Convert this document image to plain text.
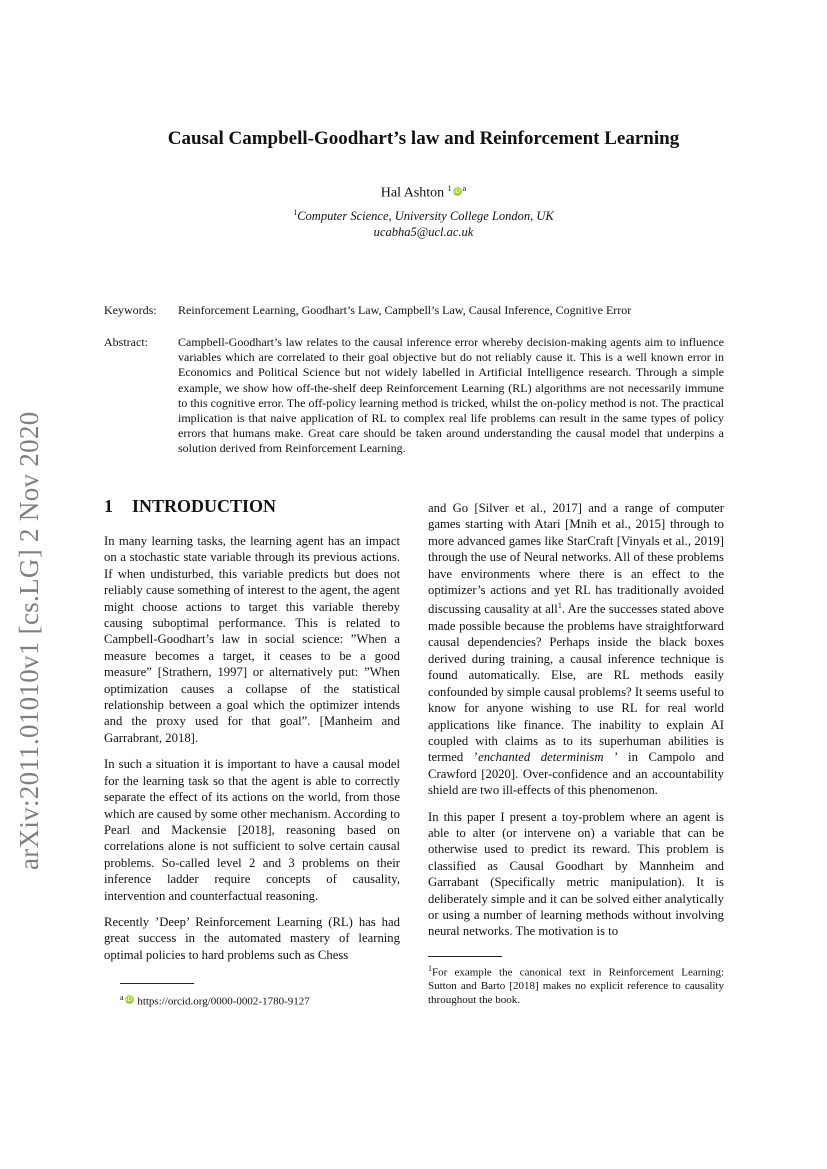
arXiv:2011.01010v1 [cs.LG] 2 Nov 2020
Causal Campbell-Goodhart’s law and Reinforcement Learning
Hal Ashton $^1$ iD $^a$
$^1$Computer Science, University College London, UK
ucabha5@ucl.ac.uk
Keywords: Reinforcement Learning, Goodhart’s Law, Campbell’s Law, Causal Inference, Cognitive Error
Abstract:	Campbell-Goodhart’s law relates to the causal inference error whereby decision-making agents aim to influence variables which are correlated to their goal objective but do not reliably cause it. This is a well known error in Economics and Political Science but not widely labelled in Artificial Intelligence research. Through a simple example, we show how off-the-shelf deep Reinforcement Learning (RL) algorithms are not necessarily immune to this cognitive error. The off-policy learning method is tricked, whilst the on-policy method is not. The practical implication is that naive application of RL to complex real life problems can result in the same types of policy errors that humans make. Great care should be taken around understanding the causal model that underpins a solution derived from Reinforcement Learning.
1 INTRODUCTION

In many learning tasks, the learning agent has an impact on a stochastic state variable through its previous actions. If when undisturbed, this variable predicts but does not reliably cause something of interest to the agent, the agent might choose actions to target this variable thereby causing suboptimal performance. This is related to Campbell-Goodhart’s law in social science: ”When a measure becomes a target, it ceases to be a good measure” [Strathern, 1997] or alternatively put: ”When optimization causes a collapse of the statistical relationship between a goal which the optimizer intends and the proxy used for that goal”. [Manheim and Garrabrant, 2018].

In such a situation it is important to have a causal model for the learning task so that the agent is able to correctly separate the effect of its actions on the world, from those which are caused by some other mechanism. According to Pearl and Mackensie [2018], reasoning based on correlations alone is not sufficient to solve certain causal problems. So-called level 2 and 3 problems on their inference ladder require concepts of causality, intervention and counterfactual reasoning.

Recently ’Deep’ Reinforcement Learning (RL) has had great success in the automated mastery of learning optimal policies to hard problems such as Chess

$^a$ iD https://orcid.org/0000-0002-1780-9127

and Go [Silver et al., 2017] and a range of computer games starting with Atari [Mnih et al., 2015] through to more advanced games like StarCraft [Vinyals et al., 2019] through the use of Neural networks. All of these problems have environments where there is an effect to the optimizer’s actions and yet RL has traditionally avoided discussing causality at all$^1$. Are the successes stated above made possible because the problems have straightforward causal dependencies? Perhaps inside the black boxes derived during training, a causal inference technique is found automatically. Else, are RL methods easily confounded by simple causal problems? It seems useful to know for anyone wishing to use RL for real world applications like finance. The inability to explain AI coupled with claims as to its superhuman abilities is termed ’enchanted determinism ’ in Campolo and Crawford [2020]. Over-confidence and an accountability shield are two ill-effects of this phenomenon.

In this paper I present a toy-problem where an agent is able to alter (or intervene on) a variable that can be otherwise used to predict its reward. This problem is classified as Causal Goodhart by Mannheim and Garrabant (Specifically metric manipulation). It is deliberately simple and it can be solved either analytically or using a number of learning methods without involving neural networks. The motivation is to

$^1$For example the canonical text in Reinforcement Learning: Sutton and Barto [2018] makes no explicit reference to causality throughout the book.
